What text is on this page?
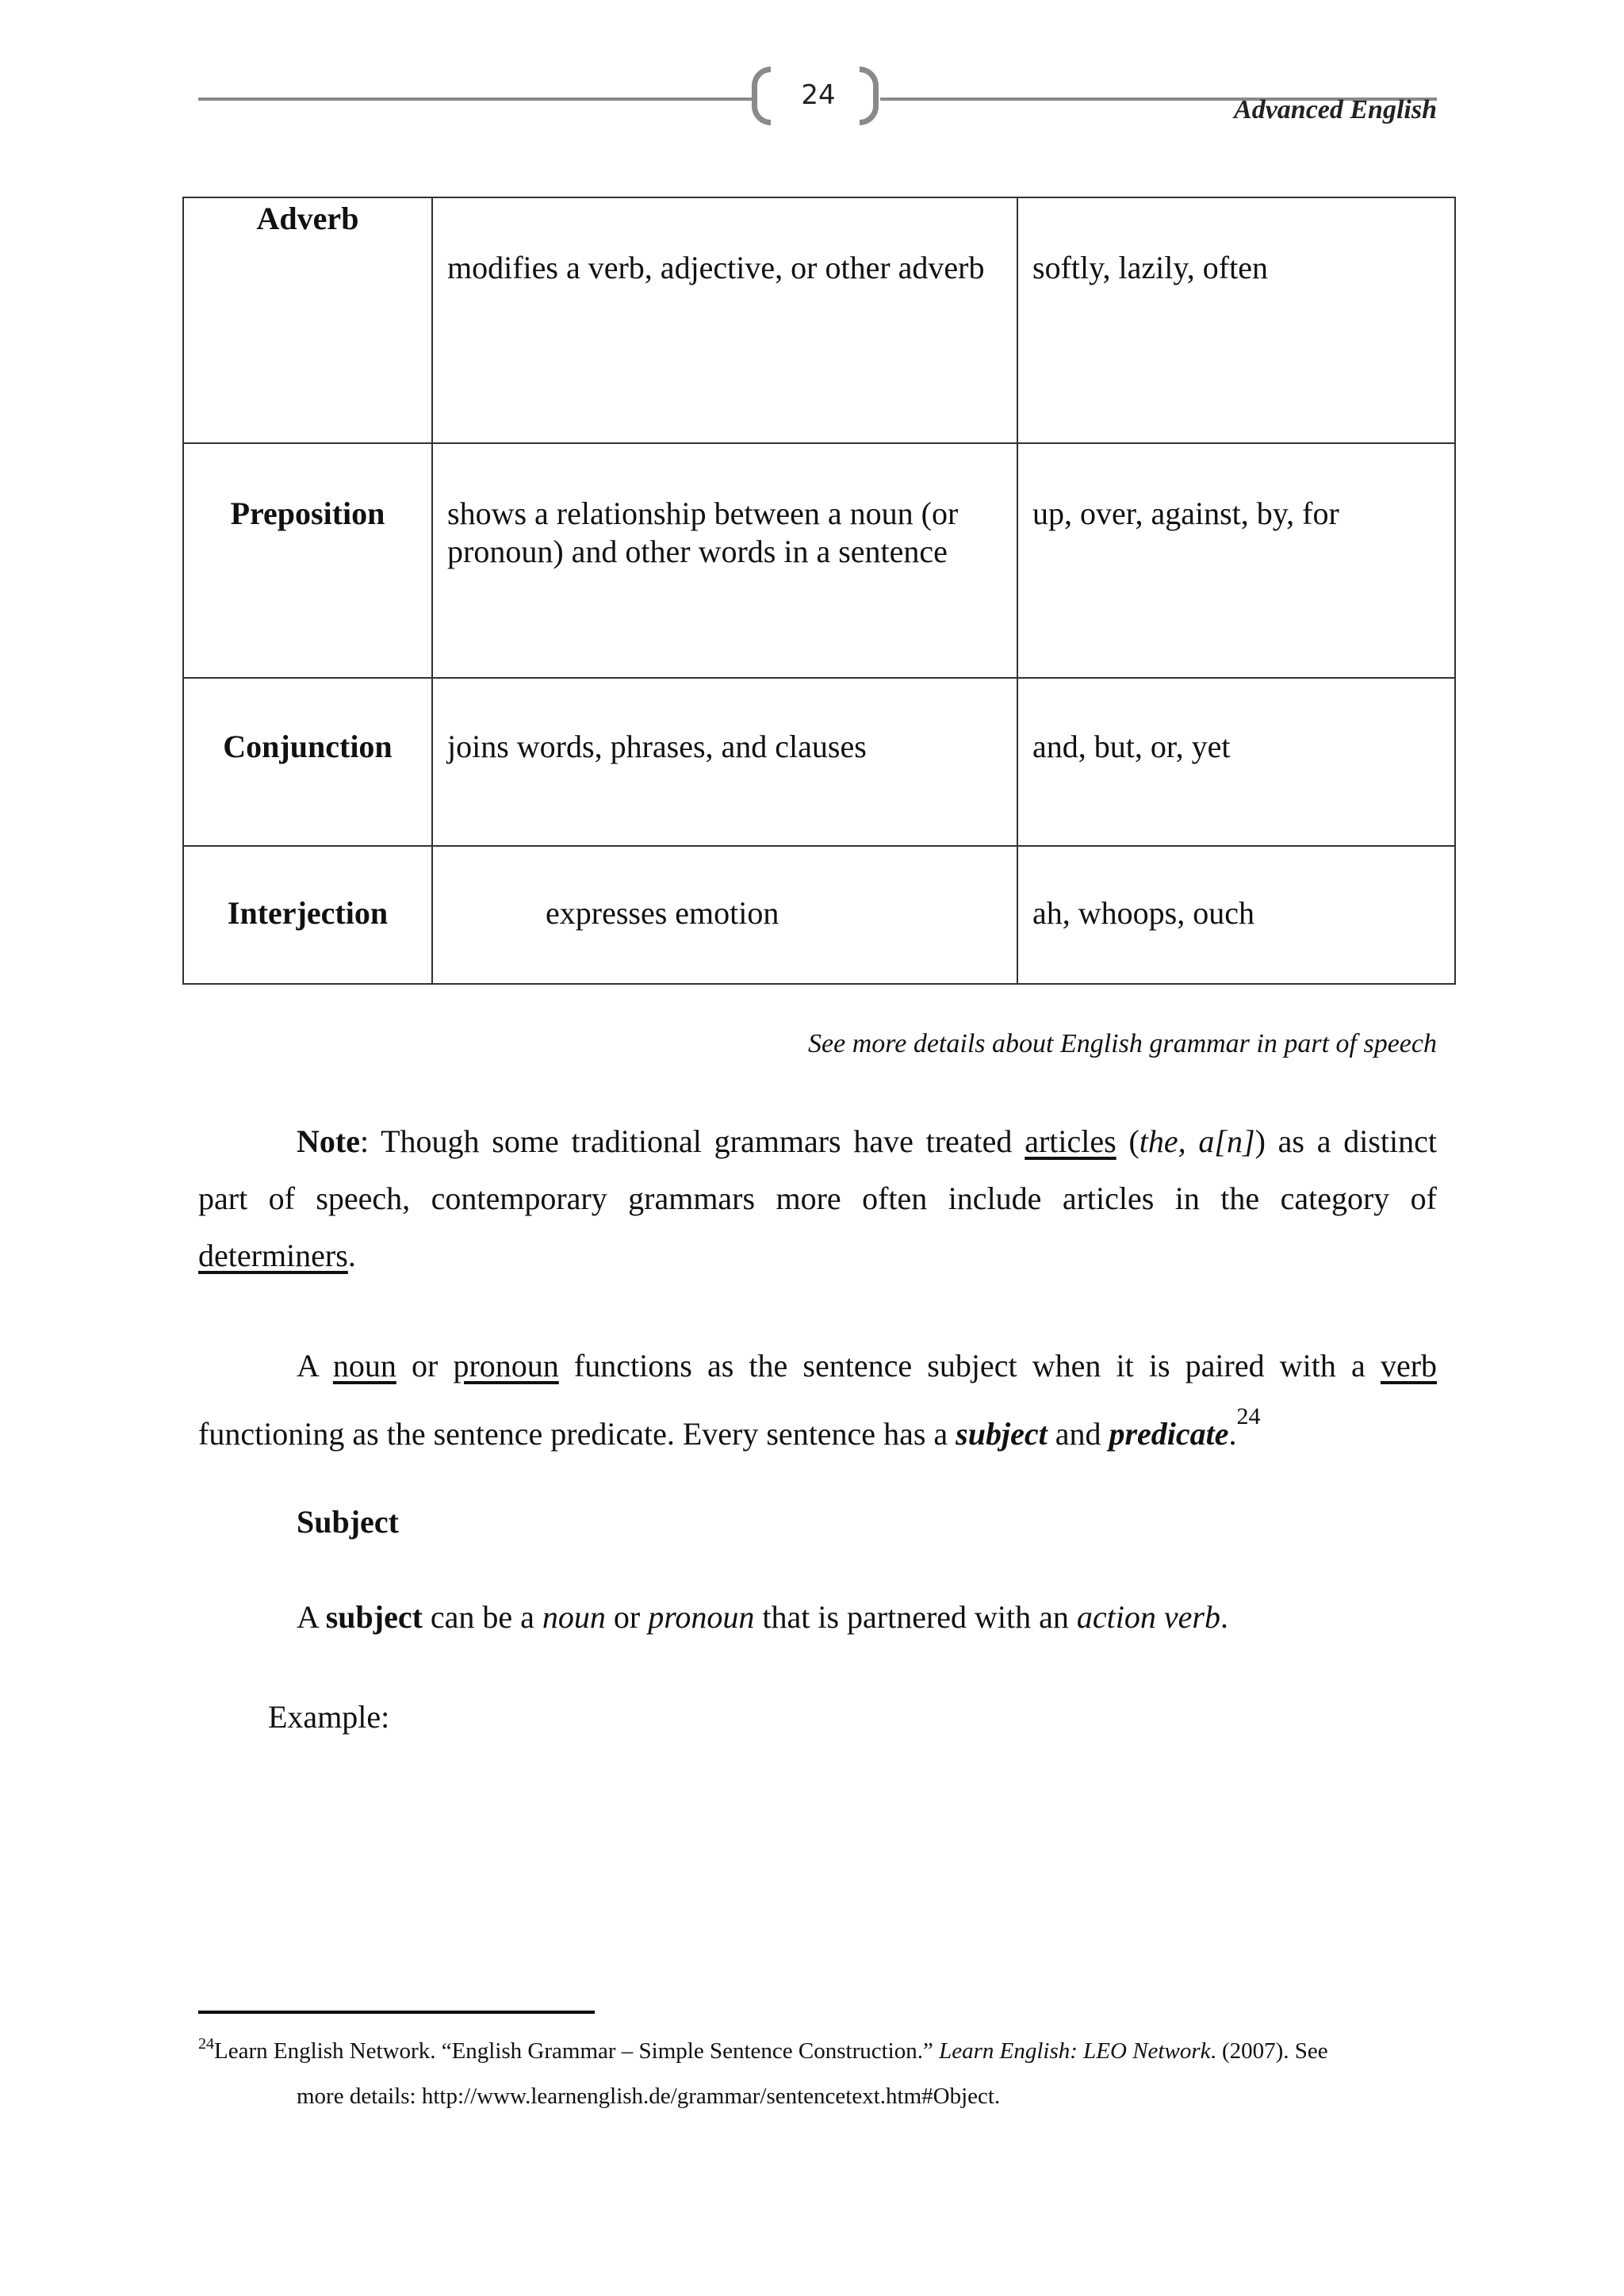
24	Advanced English
Adverb	modifies a verb, adjective, or other adverb	softly, lazily, often
Preposition	shows a relationship between a noun (or pronoun) and other words in a sentence	up, over, against, by, for
Conjunction	joins words, phrases, and clauses	and, but, or, yet
Interjection	expresses emotion	ah, whoops, ouch
See more details about English grammar in part of speech
Note: Though some traditional grammars have treated articles (the, a[n]) as a distinct part of speech, contemporary grammars more often include articles in the category of determiners.
A noun or pronoun functions as the sentence subject when it is paired with a verb functioning as the sentence predicate. Every sentence has a subject and predicate.$^{24}$
Subject
A subject can be a noun or pronoun that is partnered with an action verb.
Example:
$^{24}$Learn English Network. “English Grammar – Simple Sentence Construction.” Learn English: LEO Network. (2007). See
more details: http://www.learnenglish.de/grammar/sentencetext.htm#Object.
